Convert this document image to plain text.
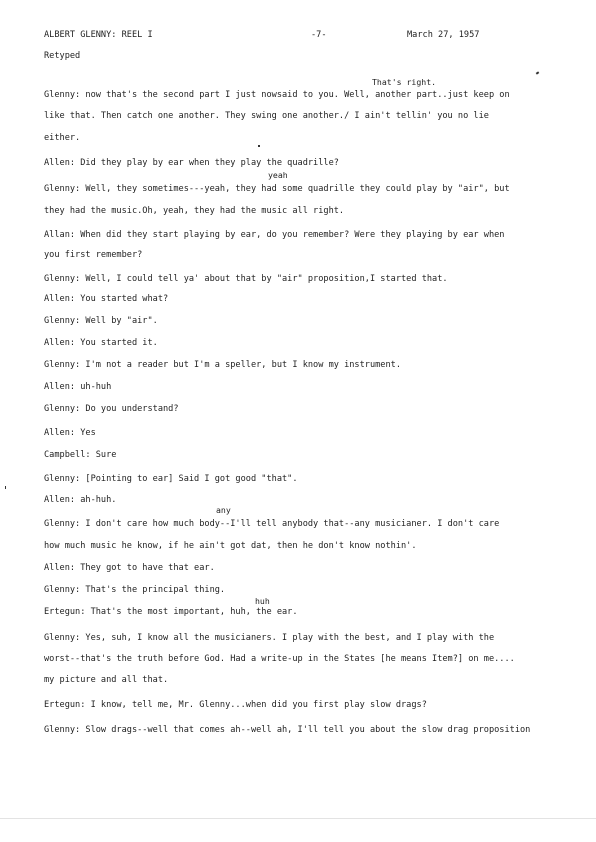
ALBERT GLENNY: REEL I	-7-	March 27, 1957
Retyped
Glenny: now that's the second part I just nowsaid to you. Well, another part..just keep on
That's right.
like that. Then catch one another. They swing one another./ I ain't tellin' you no lie
either.
Allen: Did they play by ear when they play the quadrille?
yeah
Glenny: Well, they sometimes---yeah, they had some quadrille they could play by "air", but
they had the music.Oh, yeah, they had the music all right.
Allan: When did they start playing by ear, do you remember? Were they playing by ear when
you first remember?
Glenny: Well, I could tell ya' about that by "air" proposition,I started that.
Allen: You started what?
Glenny: Well by "air".
Allen: You started it.
Glenny: I'm not a reader but I'm a speller, but I know my instrument.
Allen: uh-huh
Glenny: Do you understand?
Allen: Yes
Campbell: Sure
Glenny: [Pointing to ear] Said I got good "that".
Allen: ah-huh.
any
Glenny: I don't care how much body--I'll tell anybody that--any musicianer. I don't care
how much music he know, if he ain't got dat, then he don't know nothin'.
Allen: They got to have that ear.
Glenny: That's the principal thing.
huh
Ertegun: That's the most important, huh, the ear.
Glenny: Yes, suh, I know all the musicianers. I play with the best, and I play with the
worst--that's the truth before God. Had a write-up in the States [he means Item?] on me....
my picture and all that.
Ertegun: I know, tell me, Mr. Glenny...when did you first play slow drags?
Glenny: Slow drags--well that comes ah--well ah, I'll tell you about the slow drag proposition
